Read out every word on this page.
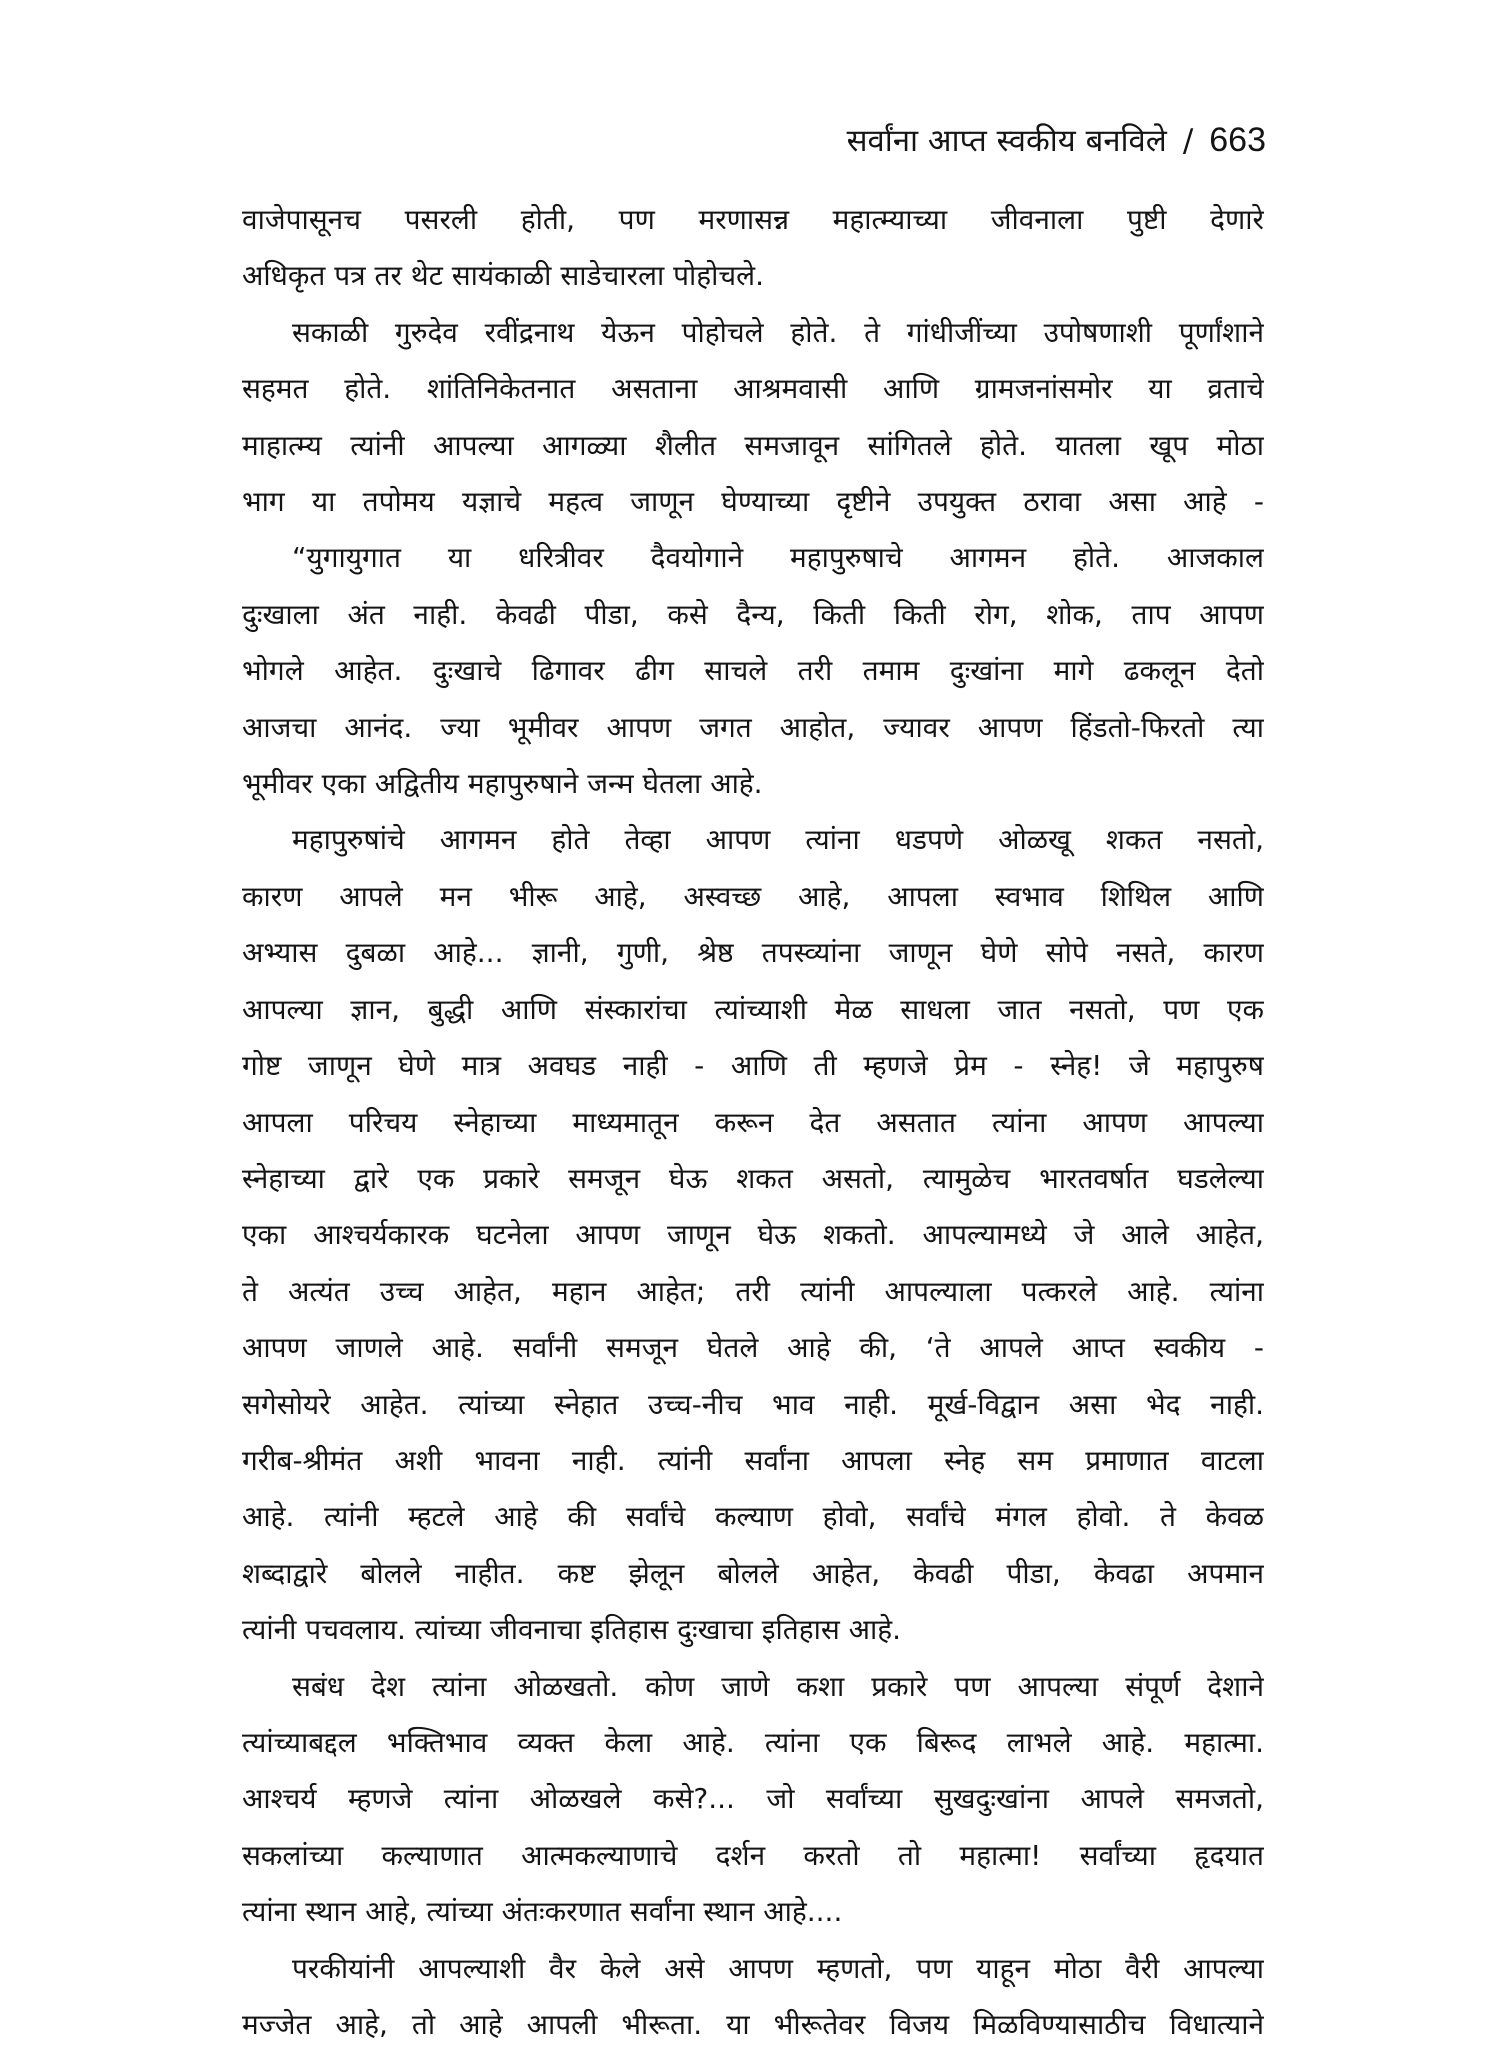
सर्वांना आप्त स्वकीय बनविले / 663
वाजेपासूनच पसरली होती, पण मरणासन्न महात्म्याच्या जीवनाला पुष्टी देणारे
अधिकृत पत्र तर थेट सायंकाळी साडेचारला पोहोचले.
सकाळी गुरुदेव रवींद्रनाथ येऊन पोहोचले होते. ते गांधीजींच्या उपोषणाशी पूर्णांशाने
सहमत होते. शांतिनिकेतनात असताना आश्रमवासी आणि ग्रामजनांसमोर या व्रताचे
माहात्म्य त्यांनी आपल्या आगळ्या शैलीत समजावून सांगितले होते. यातला खूप मोठा
भाग या तपोमय यज्ञाचे महत्व जाणून घेण्याच्या दृष्टीने उपयुक्त ठरावा असा आहे -
“युगायुगात या धरित्रीवर दैवयोगाने महापुरुषाचे आगमन होते. आजकाल
दुःखाला अंत नाही. केवढी पीडा, कसे दैन्य, किती किती रोग, शोक, ताप आपण
भोगले आहेत. दुःखाचे ढिगावर ढीग साचले तरी तमाम दुःखांना मागे ढकलून देतो
आजचा आनंद. ज्या भूमीवर आपण जगत आहोत, ज्यावर आपण हिंडतो-फिरतो त्या
भूमीवर एका अद्वितीय महापुरुषाने जन्म घेतला आहे.
महापुरुषांचे आगमन होते तेव्हा आपण त्यांना धडपणे ओळखू शकत नसतो,
कारण आपले मन भीरू आहे, अस्वच्छ आहे, आपला स्वभाव शिथिल आणि
अभ्यास दुबळा आहे... ज्ञानी, गुणी, श्रेष्ठ तपस्व्यांना जाणून घेणे सोपे नसते, कारण
आपल्या ज्ञान, बुद्धी आणि संस्कारांचा त्यांच्याशी मेळ साधला जात नसतो, पण एक
गोष्ट जाणून घेणे मात्र अवघड नाही - आणि ती म्हणजे प्रेम - स्नेह! जे महापुरुष
आपला परिचय स्नेहाच्या माध्यमातून करून देत असतात त्यांना आपण आपल्या
स्नेहाच्या द्वारे एक प्रकारे समजून घेऊ शकत असतो, त्यामुळेच भारतवर्षात घडलेल्या
एका आश्चर्यकारक घटनेला आपण जाणून घेऊ शकतो. आपल्यामध्ये जे आले आहेत,
ते अत्यंत उच्च आहेत, महान आहेत; तरी त्यांनी आपल्याला पत्करले आहे. त्यांना
आपण जाणले आहे. सर्वांनी समजून घेतले आहे की, ‘ते आपले आप्त स्वकीय -
सगेसोयरे आहेत. त्यांच्या स्नेहात उच्च-नीच भाव नाही. मूर्ख-विद्वान असा भेद नाही.
गरीब-श्रीमंत अशी भावना नाही. त्यांनी सर्वांना आपला स्नेह सम प्रमाणात वाटला
आहे. त्यांनी म्हटले आहे की सर्वांचे कल्याण होवो, सर्वांचे मंगल होवो. ते केवळ
शब्दाद्वारे बोलले नाहीत. कष्ट झेलून बोलले आहेत, केवढी पीडा, केवढा अपमान
त्यांनी पचवलाय. त्यांच्या जीवनाचा इतिहास दुःखाचा इतिहास आहे.
सबंध देश त्यांना ओळखतो. कोण जाणे कशा प्रकारे पण आपल्या संपूर्ण देशाने
त्यांच्याबद्दल भक्तिभाव व्यक्त केला आहे. त्यांना एक बिरूद लाभले आहे. महात्मा.
आश्चर्य म्हणजे त्यांना ओळखले कसे?... जो सर्वांच्या सुखदुःखांना आपले समजतो,
सकलांच्या कल्याणात आत्मकल्याणाचे दर्शन करतो तो महात्मा! सर्वांच्या हृदयात
त्यांना स्थान आहे, त्यांच्या अंतःकरणात सर्वांना स्थान आहे....
परकीयांनी आपल्याशी वैर केले असे आपण म्हणतो, पण याहून मोठा वैरी आपल्या
मज्जेत आहे, तो आहे आपली भीरूता. या भीरूतेवर विजय मिळविण्यासाठीच विधात्याने
